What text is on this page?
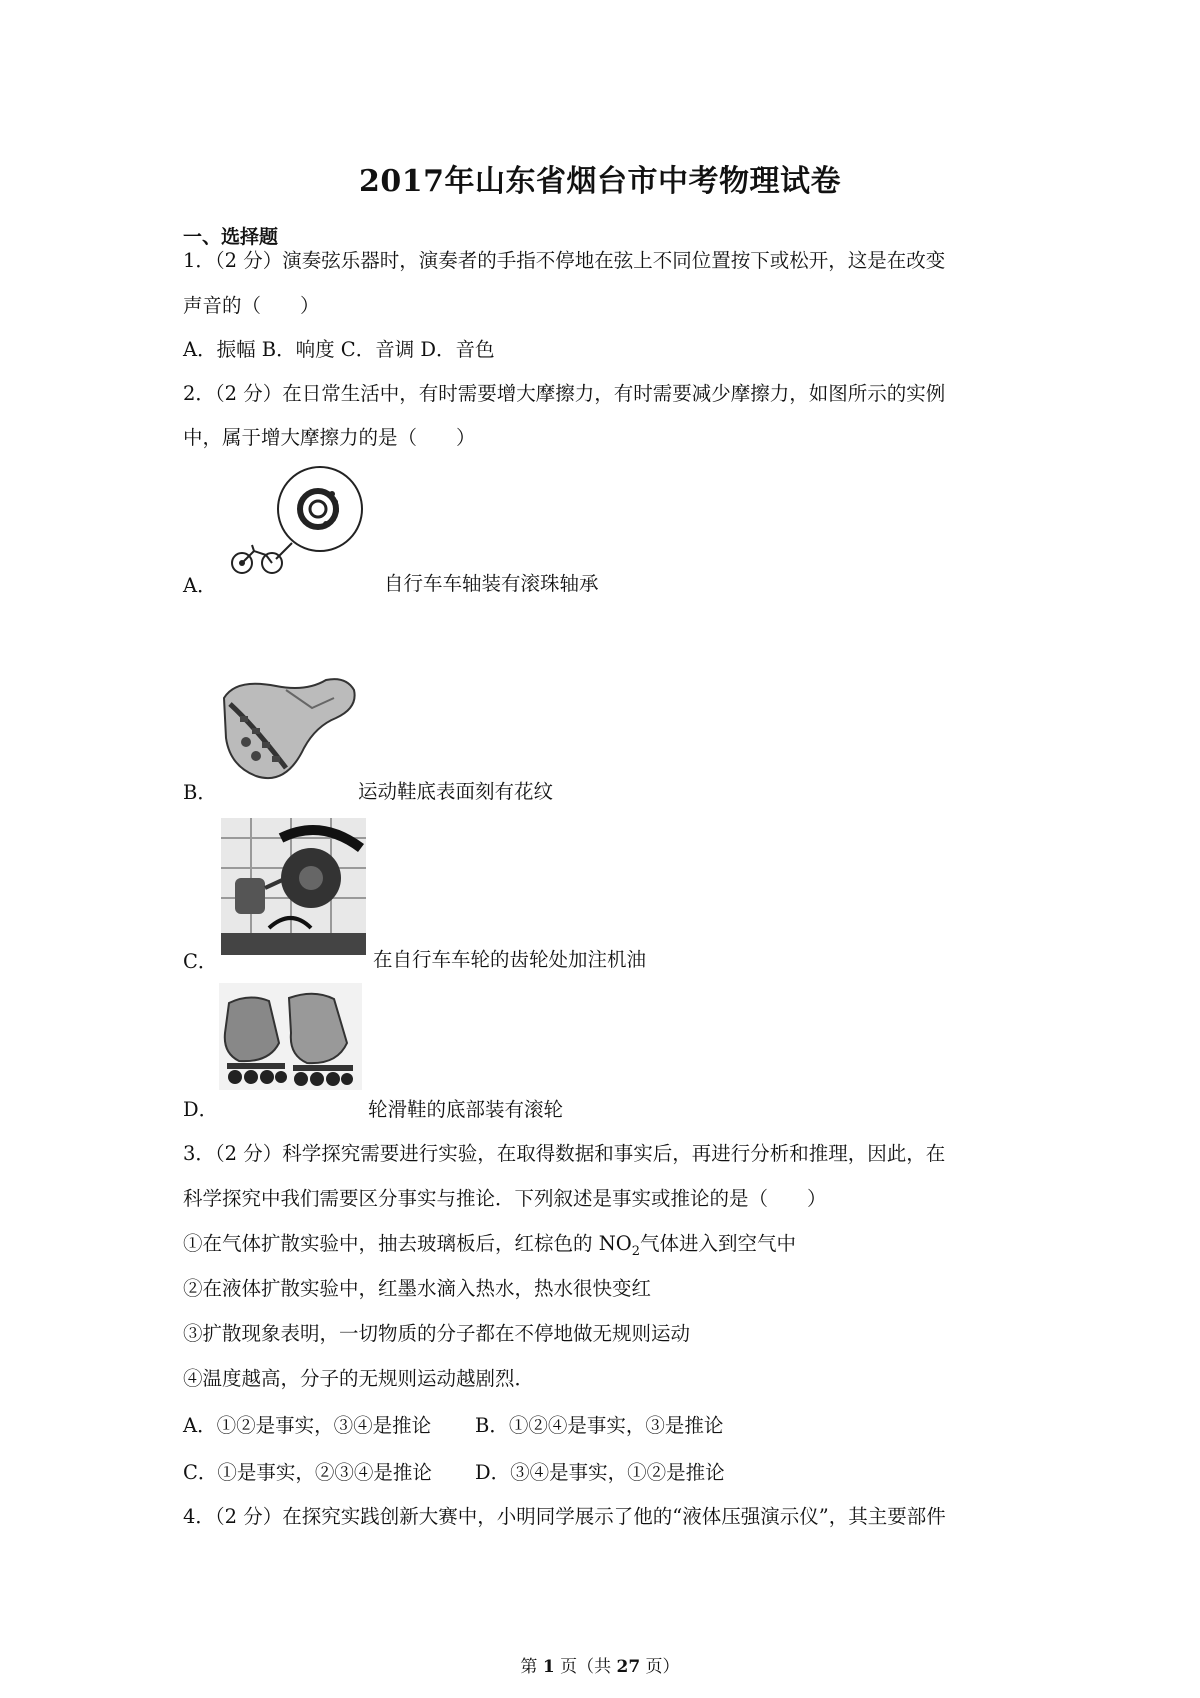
2017年山东省烟台市中考物理试卷
一、选择题
1．（2 分）演奏弦乐器时，演奏者的手指不停地在弦上不同位置按下或松开，这是在改变
声音的（　　）
A．振幅 B．响度 C．音调 D．音色
2．（2 分）在日常生活中，有时需要增大摩擦力，有时需要减少摩擦力，如图所示的实例
中，属于增大摩擦力的是（　　）
A．	自行车车轴装有滚珠轴承
B．	运动鞋底表面刻有花纹
C．	在自行车车轮的齿轮处加注机油
D．	轮滑鞋的底部装有滚轮
3．（2 分）科学探究需要进行实验，在取得数据和事实后，再进行分析和推理，因此，在
科学探究中我们需要区分事实与推论．下列叙述是事实或推论的是（　　）
①在气体扩散实验中，抽去玻璃板后，红棕色的 $NO_2$气体进入到空气中
②在液体扩散实验中，红墨水滴入热水，热水很快变红
③扩散现象表明，一切物质的分子都在不停地做无规则运动
④温度越高，分子的无规则运动越剧烈．
A．①②是事实，③④是推论 B．①②④是事实，③是推论
C．①是事实，②③④是推论 D．③④是事实，①②是推论
4．（2 分）在探究实践创新大赛中，小明同学展示了他的“液体压强演示仪”，其主要部件
第 1 页（共 27 页）
